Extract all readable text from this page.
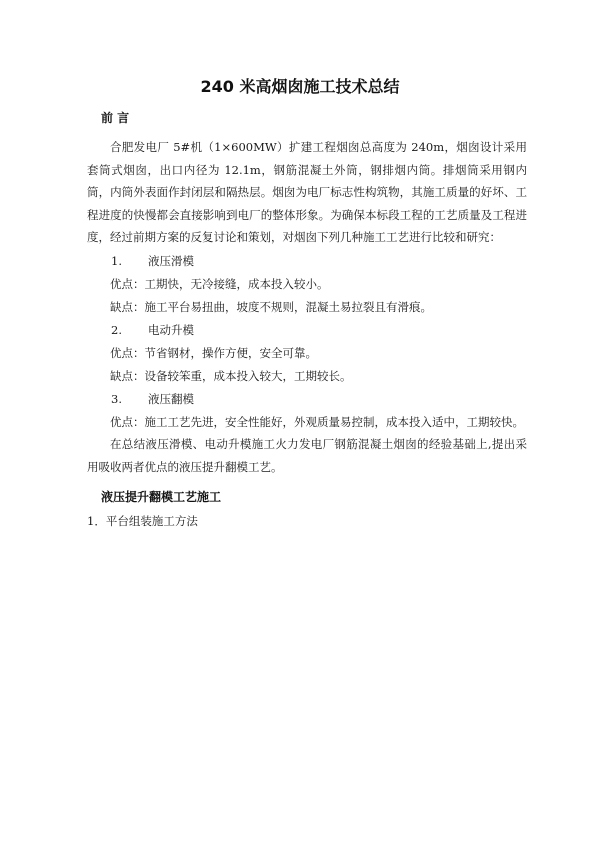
240 米高烟囱施工技术总结
前 言

合肥发电厂 5#机（1×600MW）扩建工程烟囱总高度为 240m，烟囱设计采用套筒式烟囱，出口内径为 12.1m，钢筋混凝土外筒，钢排烟内筒。排烟筒采用钢内筒，内筒外表面作封闭层和隔热层。烟囱为电厂标志性构筑物，其施工质量的好坏、工程进度的快慢都会直接影响到电厂的整体形象。为确保本标段工程的工艺质量及工程进度，经过前期方案的反复讨论和策划，对烟囱下列几种施工工艺进行比较和研究：

1. 液压滑模
优点：工期快，无冷接缝，成本投入较小。
缺点：施工平台易扭曲，坡度不规则，混凝土易拉裂且有滑痕。
2. 电动升模
优点：节省钢材，操作方便，安全可靠。
缺点：设备较笨重，成本投入较大，工期较长。
3. 液压翻模
优点：施工工艺先进，安全性能好，外观质量易控制，成本投入适中，工期较快。

在总结液压滑模、电动升模施工火力发电厂钢筋混凝土烟囱的经验基础上,提出采用吸收两者优点的液压提升翻模工艺。

液压提升翻模工艺施工
1．平台组装施工方法
